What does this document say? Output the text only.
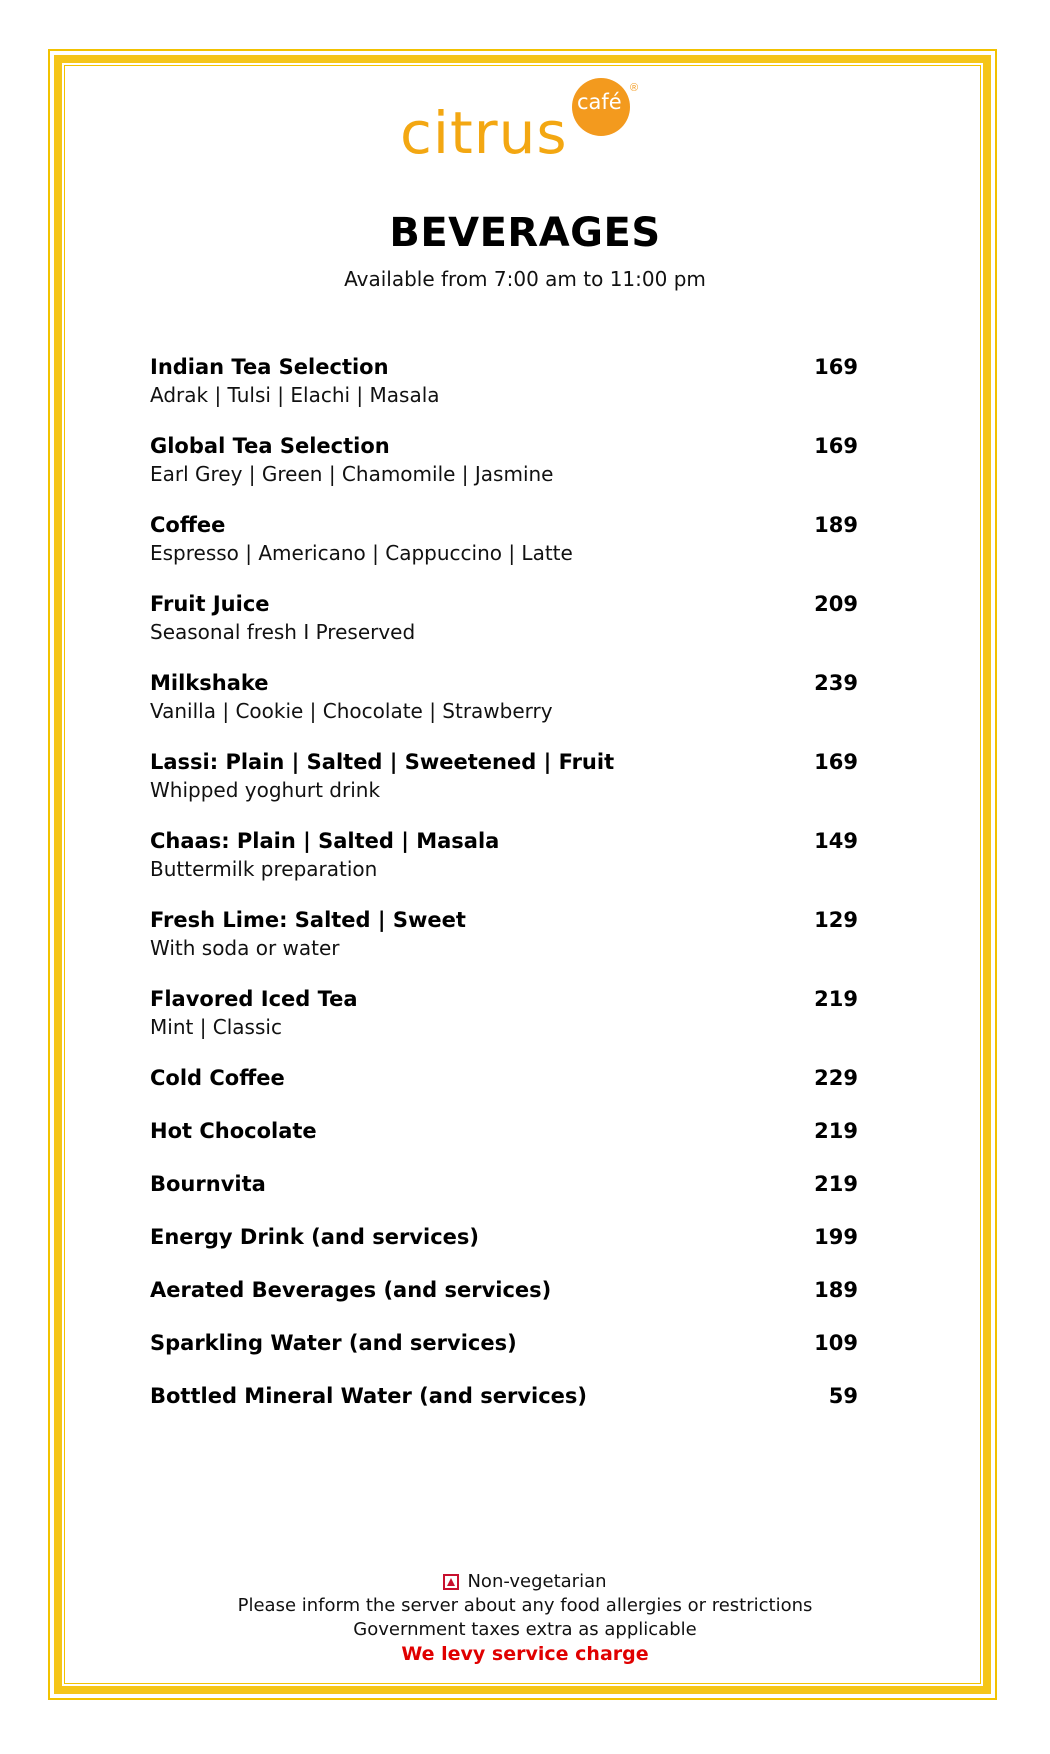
citrus café
®
BEVERAGES
Available from 7:00 am to 11:00 pm
Indian Tea Selection	169
Adrak | Tulsi | Elachi | Masala
Global Tea Selection	169
Earl Grey | Green | Chamomile | Jasmine
Coffee	189
Espresso | Americano | Cappuccino | Latte
Fruit Juice	209
Seasonal fresh I Preserved
Milkshake	239
Vanilla | Cookie | Chocolate | Strawberry
Lassi: Plain | Salted | Sweetened | Fruit	169
Whipped yoghurt drink
Chaas: Plain | Salted | Masala	149
Buttermilk preparation
Fresh Lime: Salted | Sweet	129
With soda or water
Flavored Iced Tea	219
Mint | Classic
Cold Coffee	229
Hot Chocolate	219
Bournvita	219
Energy Drink (and services)	199
Aerated Beverages (and services)	189
Sparkling Water (and services)	109
Bottled Mineral Water (and services)	59
Non-vegetarian
Please inform the server about any food allergies or restrictions
Government taxes extra as applicable
We levy service charge
